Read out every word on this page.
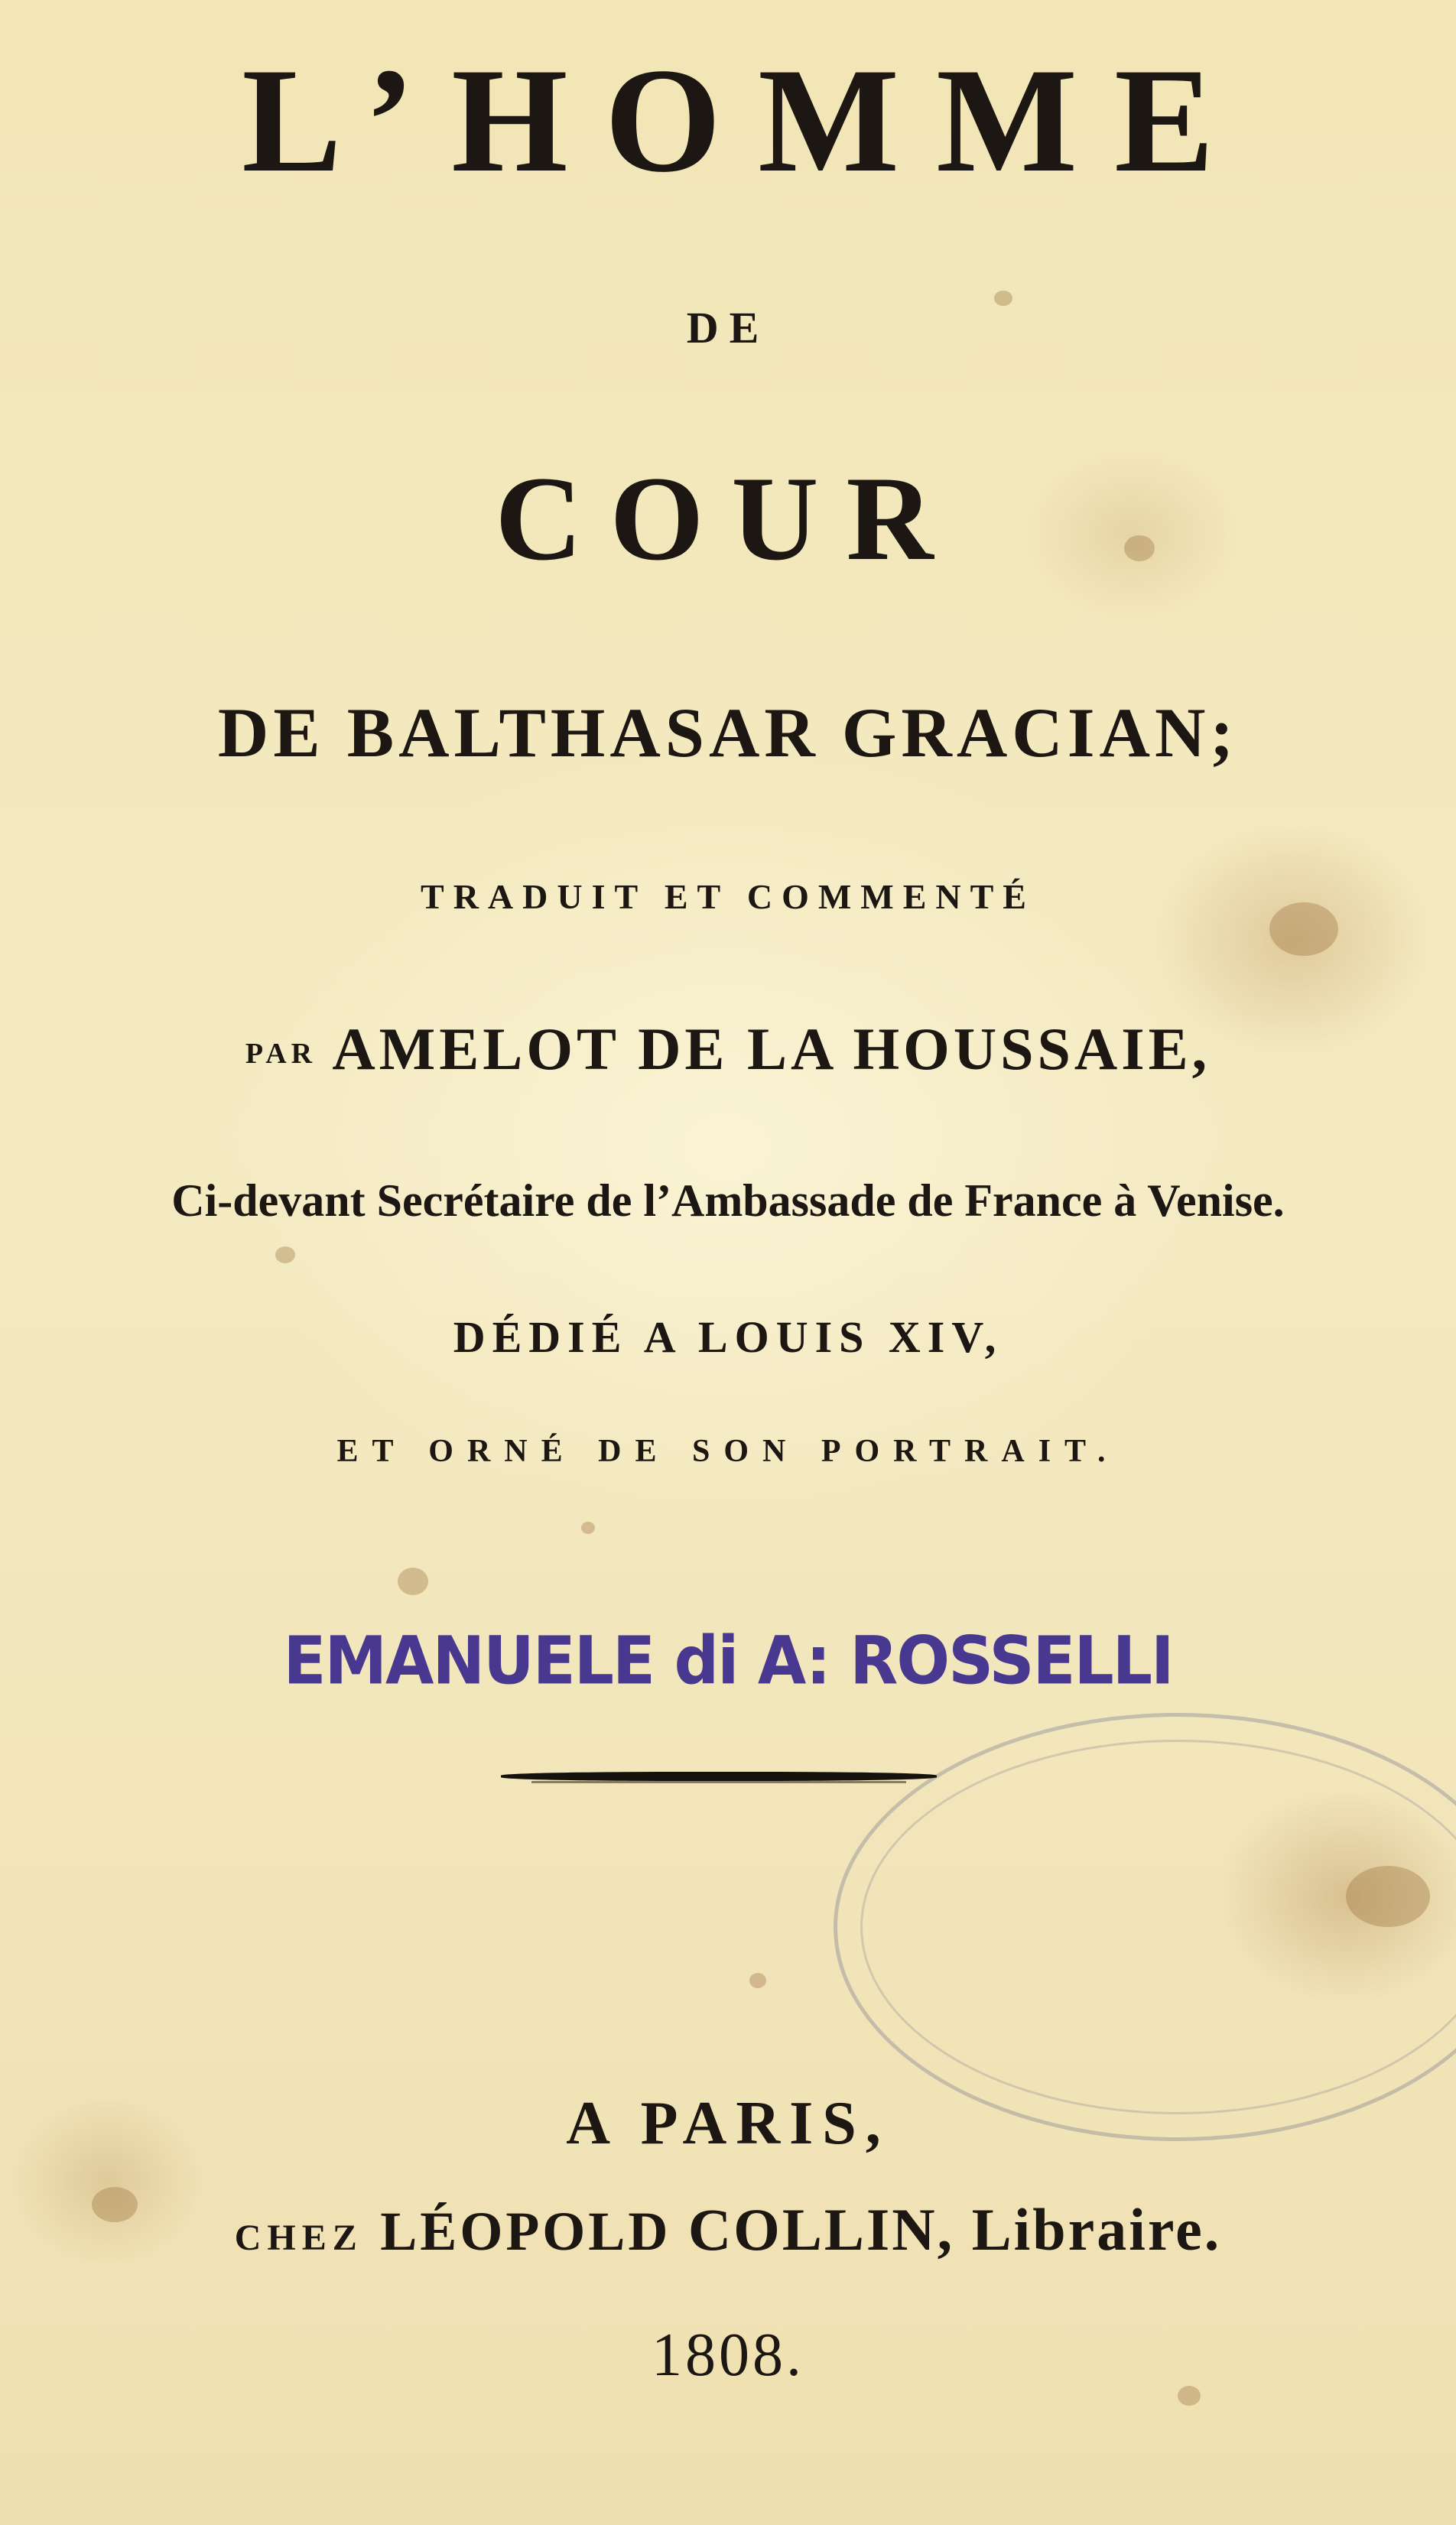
L’HOMME
DE
COUR
DE BALTHASAR GRACIAN;
TRADUIT ET COMMENTÉ
PAR AMELOT DE LA HOUSSAIE,
Ci-devant Secrétaire de l’Ambassade de France à Venise.
DÉDIÉ A LOUIS XIV,
ET ORNÉ DE SON PORTRAIT.
EMANUELE di A: ROSSELLI
A PARIS,
CHEZ LÉOPOLD COLLIN, Libraire.
1808.
